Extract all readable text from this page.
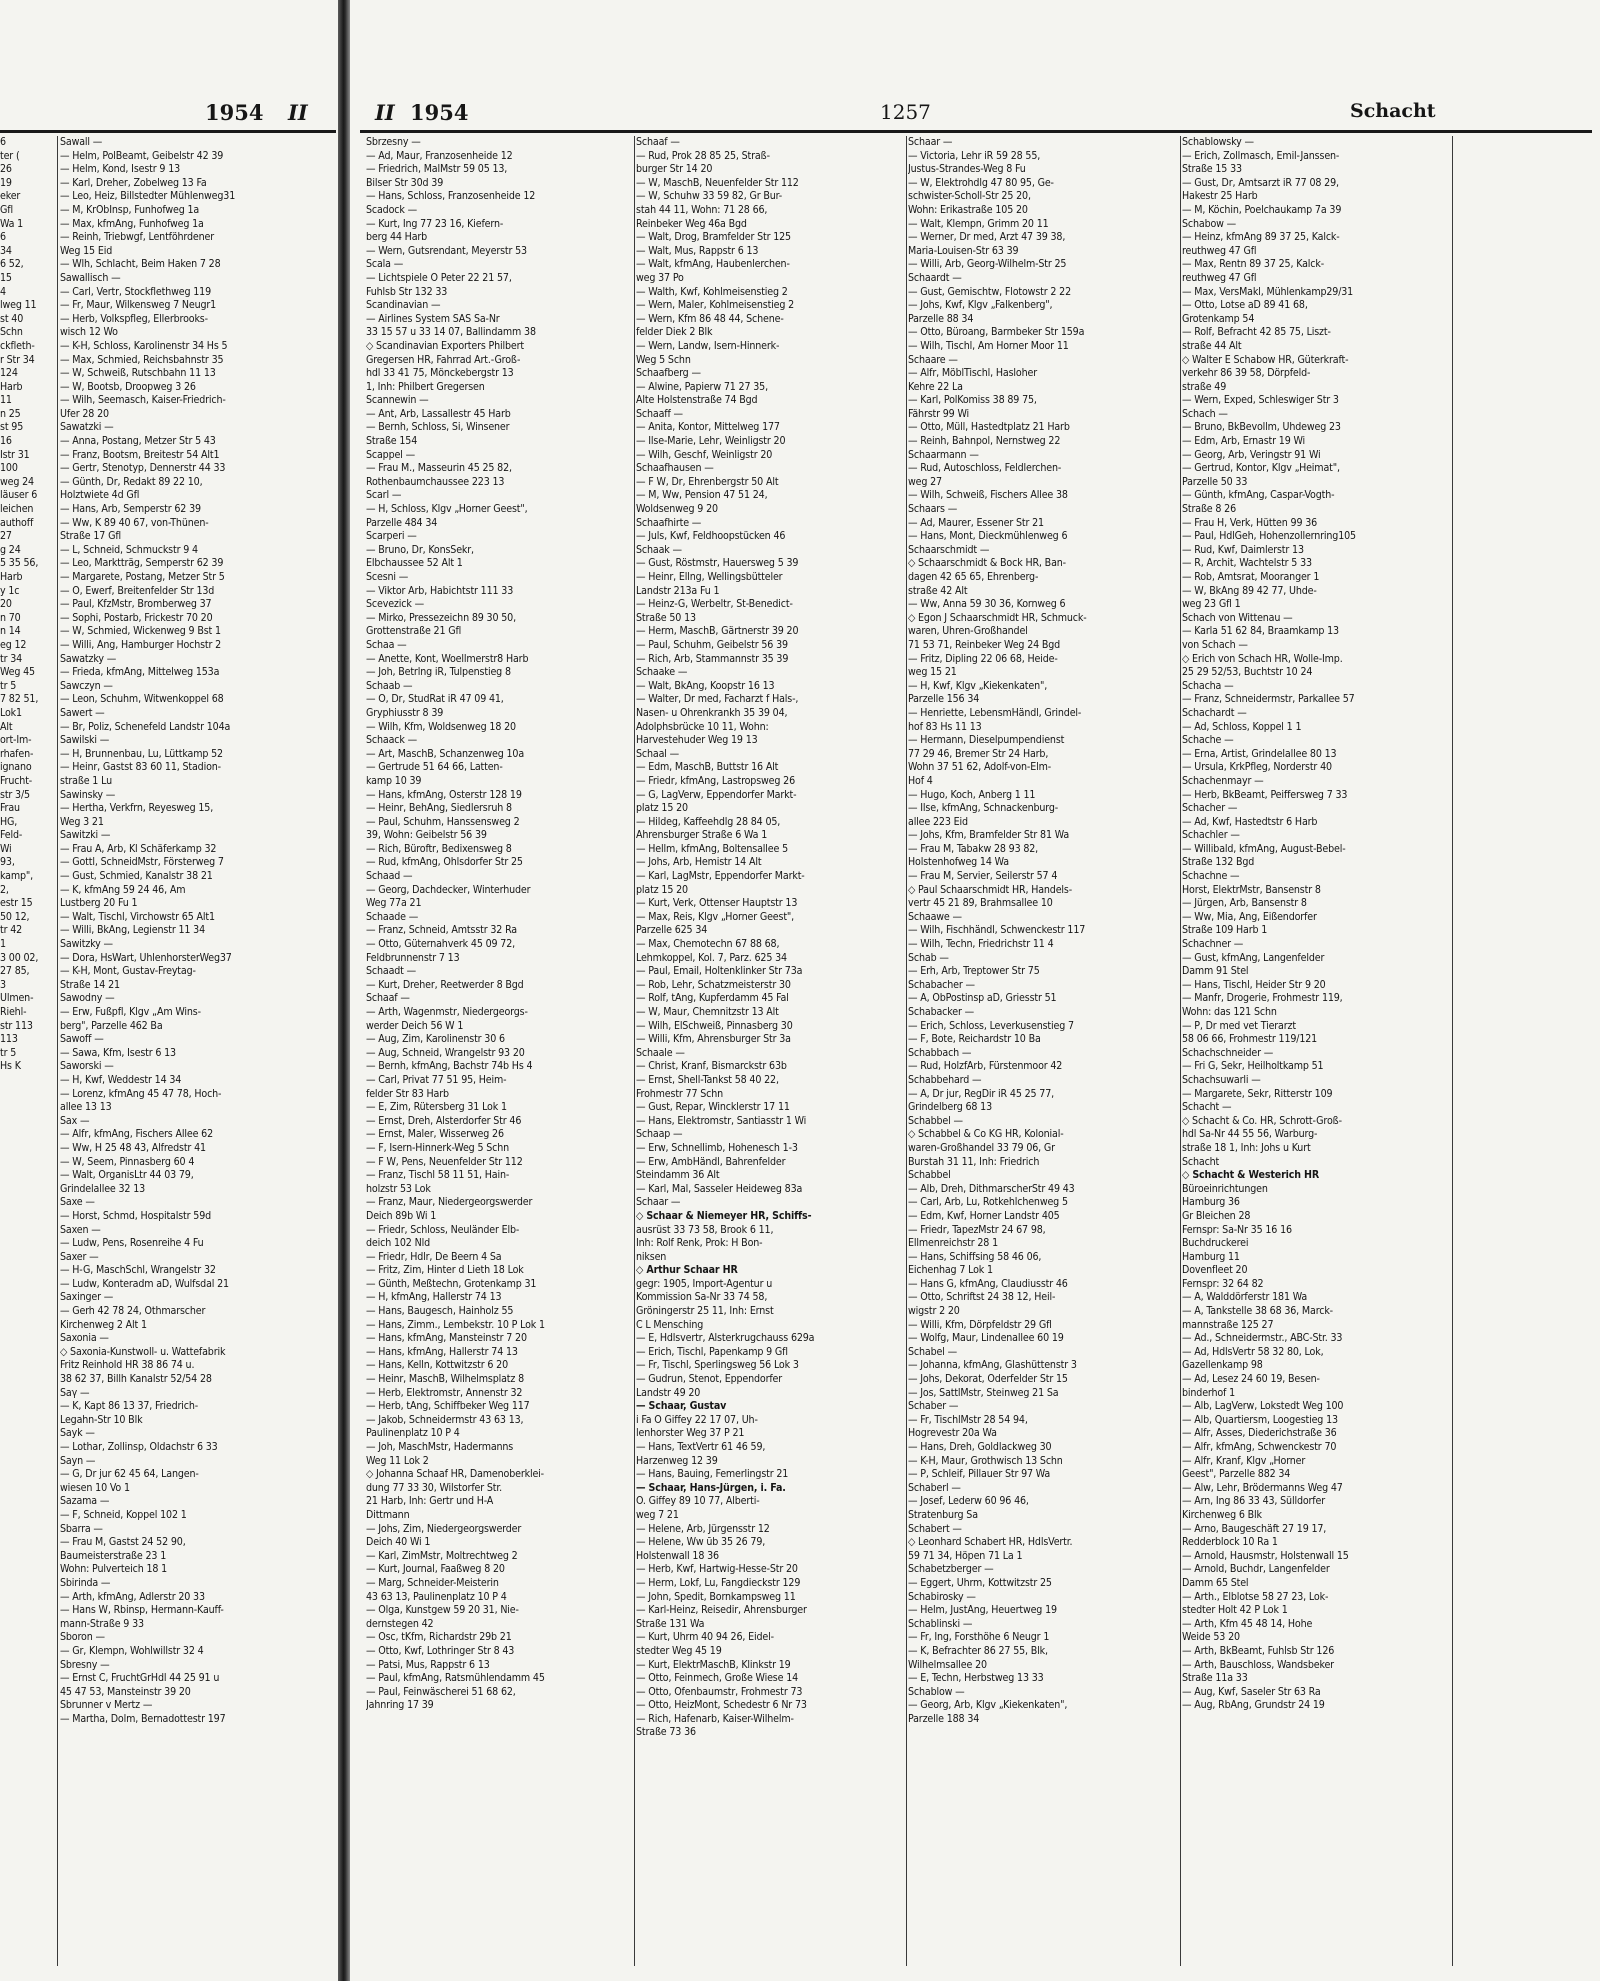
1954 II	II 1954	1257	Schacht
6
ter (
26
19
eker
Gfl
Wa 1
6
34
6 52,
15
4
lweg 11
st 40
Schn
ckfleth-
r Str 34
124
Harb
11
n 25
st 95
16
Istr 31
100
weg 24
läuser 6
leichen
authoff
27
g 24
5 35 56,
Harb
y 1c
20
n 70
n 14
eg 12
tr 34
Weg 45
tr 5
7 82 51,
Lok1
Alt
ort-Im-
rhafen-
ignano
Frucht-
str 3/5
Frau
HG,
Feld-
Wi
93,
kamp",
2,
estr 15
50 12,
tr 42
1
3 00 02,
27 85,
3
Ulmen-
Riehl-
str 113
113
tr 5
Hs K
Sawall —
— Helm, PolBeamt, Geibelstr 42 39
— Helm, Kond, Isestr 9 13
— Karl, Dreher, Zobelweg 13 Fa
— Leo, Heiz, Billstedter Mühlenweg31
— M, KrObInsp, Funhofweg 1a
— Max, kfmAng, Funhofweg 1a
— Reinh, Triebwgf, Lentföhrdener
Weg 15 Eid
— Wlh, Schlacht, Beim Haken 7 28
Sawallisch —
— Carl, Vertr, Stockflethweg 119
— Fr, Maur, Wilkensweg 7 Neugr1
— Herb, Volkspfleg, Ellerbrooks-
wisch 12 Wo
— K-H, Schloss, Karolinenstr 34 Hs 5
— Max, Schmied, Reichsbahnstr 35
— W, Schweiß, Rutschbahn 11 13
— W, Bootsb, Droopweg 3 26
— Wilh, Seemasch, Kaiser-Friedrich-
Ufer 28 20
Sawatzki —
— Anna, Postang, Metzer Str 5 43
— Franz, Bootsm, Breitestr 54 Alt1
— Gertr, Stenotyp, Dennerstr 44 33
— Günth, Dr, Redakt 89 22 10,
Holztwiete 4d Gfl
— Hans, Arb, Semperstr 62 39
— Ww, K 89 40 67, von-Thünen-
Straße 17 Gfl
— L, Schneid, Schmuckstr 9 4
— Leo, Marktträg, Semperstr 62 39
— Margarete, Postang, Metzer Str 5
— O, Ewerf, Breitenfelder Str 13d
— Paul, KfzMstr, Bromberweg 37
— Sophi, Postarb, Frickestr 70 20
— W, Schmied, Wickenweg 9 Bst 1
— Willi, Ang, Hamburger Hochstr 2
Sawatzky —
— Frieda, kfmAng, Mittelweg 153a
Sawczyn —
— Leon, Schuhm, Witwenkoppel 68
Sawert —
— Br, Poliz, Schenefeld Landstr 104a
Sawilski —
— H, Brunnenbau, Lu, Lüttkamp 52
— Heinr, Gastst 83 60 11, Stadion-
straße 1 Lu
Sawinsky —
— Hertha, Verkfrn, Reyesweg 15,
Weg 3 21
Sawitzki —
— Frau A, Arb, Kl Schäferkamp 32
— Gottl, SchneidMstr, Försterweg 7
— Gust, Schmied, Kanalstr 38 21
— K, kfmAng 59 24 46, Am
Lustberg 20 Fu 1
— Walt, Tischl, Virchowstr 65 Alt1
— Willi, BkAng, Legienstr 11 34
Sawitzky —
— Dora, HsWart, UhlenhorsterWeg37
— K-H, Mont, Gustav-Freytag-
Straße 14 21
Sawodny —
— Erw, Fußpfl, Klgv „Am Wins-
berg", Parzelle 462 Ba
Sawoff —
— Sawa, Kfm, Isestr 6 13
Saworski —
— H, Kwf, Weddestr 14 34
— Lorenz, kfmAng 45 47 78, Hoch-
allee 13 13
Sax —
— Alfr, kfmAng, Fischers Allee 62
— Ww, H 25 48 43, Alfredstr 41
— W, Seem, Pinnasberg 60 4
— Walt, OrganisLtr 44 03 79,
Grindelallee 32 13
Saxe —
— Horst, Schmd, Hospitalstr 59d
Saxen —
— Ludw, Pens, Rosenreihe 4 Fu
Saxer —
— H-G, MaschSchl, Wrangelstr 32
— Ludw, Konteradm aD, Wulfsdal 21
Saxinger —
— Gerh 42 78 24, Othmarscher
Kirchenweg 2 Alt 1
Saxonia —
◇ Saxonia-Kunstwoll- u. Wattefabrik
Fritz Reinhold HR 38 86 74 u.
38 62 37, Billh Kanalstr 52/54 28
Saγ —
— K, Kapt 86 13 37, Friedrich-
Legahn-Str 10 Blk
Sayk —
— Lothar, Zollinsp, Oldachstr 6 33
Sayn —
— G, Dr jur 62 45 64, Langen-
wiesen 10 Vo 1
Sazama —
— F, Schneid, Koppel 102 1
Sbarra —
— Frau M, Gastst 24 52 90,
Baumeisterstraße 23 1
Wohn: Pulverteich 18 1
Sbirinda —
— Arth, kfmAng, Adlerstr 20 33
— Hans W, Rbinsp, Hermann-Kauff-
mann-Straße 9 33
Sboron —
— Gr, Klempn, Wohlwillstr 32 4
Sbresny —
— Ernst C, FruchtGrHdl 44 25 91 u
45 47 53, Mansteinstr 39 20
Sbrunner v Mertz —
— Martha, Dolm, Bernadottestr 197
Sbrzesny —
— Ad, Maur, Franzosenheide 12
— Friedrich, MalMstr 59 05 13,
Bilser Str 30d 39
— Hans, Schloss, Franzosenheide 12
Scadock —
— Kurt, Ing 77 23 16, Kiefern-
berg 44 Harb
— Wern, Gutsrendant, Meyerstr 53
Scala —
— Lichtspiele O Peter 22 21 57,
Fuhlsb Str 132 33
Scandinavian —
— Airlines System SAS Sa-Nr
33 15 57 u 33 14 07, Ballindamm 38
◇ Scandinavian Exporters Philbert
Gregersen HR, Fahrrad Art.-Groß-
hdl 33 41 75, Mönckebergstr 13
1, Inh: Philbert Gregersen
Scannewin —
— Ant, Arb, Lassallestr 45 Harb
— Bernh, Schloss, Si, Winsener
Straße 154
Scappel —
— Frau M., Masseurin 45 25 82,
Rothenbaumchaussee 223 13
Scarl —
— H, Schloss, Klgv „Horner Geest",
Parzelle 484 34
Scarperi —
— Bruno, Dr, KonsSekr,
Elbchaussee 52 Alt 1
Scesni —
— Viktor Arb, Habichtstr 111 33
Scevezick —
— Mirko, Pressezeichn 89 30 50,
Grottenstraße 21 Gfl
Schaa —
— Anette, Kont, Woellmerstr8 Harb
— Joh, Betrlng iR, Tulpenstieg 8
Schaab —
— O, Dr, StudRat iR 47 09 41,
Gryphiusstr 8 39
— Wilh, Kfm, Woldsenweg 18 20
Schaack —
— Art, MaschB, Schanzenweg 10a
— Gertrude 51 64 66, Latten-
kamp 10 39
— Hans, kfmAng, Osterstr 128 19
— Heinr, BehAng, Siedlersruh 8
— Paul, Schuhm, Hanssensweg 2
39, Wohn: Geibelstr 56 39
— Rich, Büroftr, Bedixensweg 8
— Rud, kfmAng, Ohlsdorfer Str 25
Schaad —
— Georg, Dachdecker, Winterhuder
Weg 77a 21
Schaade —
— Franz, Schneid, Amtsstr 32 Ra
— Otto, Güternahverk 45 09 72,
Feldbrunnenstr 7 13
Schaadt —
— Kurt, Dreher, Reetwerder 8 Bgd
Schaaf —
— Arth, Wagenmstr, Niedergeorgs-
werder Deich 56 W 1
— Aug, Zim, Karolinenstr 30 6
— Aug, Schneid, Wrangelstr 93 20
— Bernh, kfmAng, Bachstr 74b Hs 4
— Carl, Privat 77 51 95, Heim-
felder Str 83 Harb
— E, Zim, Rütersberg 31 Lok 1
— Ernst, Dreh, Alsterdorfer Str 46
— Ernst, Maler, Wisserweg 26
— F, Isern-Hinnerk-Weg 5 Schn
— F W, Pens, Neuenfelder Str 112
— Franz, Tischl 58 11 51, Hain-
holzstr 53 Lok
— Franz, Maur, Niedergeorgswerder
Deich 89b Wi 1
— Friedr, Schloss, Neuländer Elb-
deich 102 Nld
— Friedr, Hdlr, De Beern 4 Sa
— Fritz, Zim, Hinter d Lieth 18 Lok
— Günth, Meßtechn, Grotenkamp 31
— H, kfmAng, Hallerstr 74 13
— Hans, Baugesch, Hainholz 55
— Hans, Zimm., Lembekstr. 10 P Lok 1
— Hans, kfmAng, Mansteinstr 7 20
— Hans, kfmAng, Hallerstr 74 13
— Hans, Kelln, Kottwitzstr 6 20
— Heinr, MaschB, Wilhelmsplatz 8
— Herb, Elektromstr, Annenstr 32
— Herb, tAng, Schiffbeker Weg 117
— Jakob, Schneidermstr 43 63 13,
Paulinenplatz 10 P 4
— Joh, MaschMstr, Hadermanns
Weg 11 Lok 2
◇ Johanna Schaaf HR, Damenoberklei-
dung 77 33 30, Wilstorfer Str.
21 Harb, Inh: Gertr und H-A
Dittmann
— Johs, Zim, Niedergeorgswerder
Deich 40 Wi 1
— Karl, ZimMstr, Moltrechtweg 2
— Kurt, Journal, Faaßweg 8 20
— Marg, Schneider-Meisterin
43 63 13, Paulinenplatz 10 P 4
— Olga, Kunstgew 59 20 31, Nie-
dernstegen 42
— Osc, tKfm, Richardstr 29b 21
— Otto, Kwf, Lothringer Str 8 43
— Patsi, Mus, Rappstr 6 13
— Paul, kfmAng, Ratsmühlendamm 45
— Paul, Feinwäscherei 51 68 62,
Jahnring 17 39
Schaaf —
— Rud, Prok 28 85 25, Straß-
burger Str 14 20
— W, MaschB, Neuenfelder Str 112
— W, Schuhw 33 59 82, Gr Bur-
stah 44 11, Wohn: 71 28 66,
Reinbeker Weg 46a Bgd
— Walt, Drog, Bramfelder Str 125
— Walt, Mus, Rappstr 6 13
— Walt, kfmAng, Haubenlerchen-
weg 37 Po
— Walth, Kwf, Kohlmeisenstieg 2
— Wern, Maler, Kohlmeisenstieg 2
— Wern, Kfm 86 48 44, Schene-
felder Diek 2 Blk
— Wern, Landw, Isern-Hinnerk-
Weg 5 Schn
Schaafberg —
— Alwine, Papierw 71 27 35,
Alte Holstenstraße 74 Bgd
Schaaff —
— Anita, Kontor, Mittelweg 177
— Ilse-Marie, Lehr, Weinligstr 20
— Wilh, Geschf, Weinligstr 20
Schaafhausen —
— F W, Dr, Ehrenbergstr 50 Alt
— M, Ww, Pension 47 51 24,
Woldsenweg 9 20
Schaafhirte —
— Juls, Kwf, Feldhoopstücken 46
Schaak —
— Gust, Röstmstr, Hauersweg 5 39
— Heinr, Ellng, Wellingsbütteler
Landstr 213a Fu 1
— Heinz-G, Werbeltr, St-Benedict-
Straße 50 13
— Herm, MaschB, Gärtnerstr 39 20
— Paul, Schuhm, Geibelstr 56 39
— Rich, Arb, Stammannstr 35 39
Schaake —
— Walt, BkAng, Koopstr 16 13
— Walter, Dr med, Facharzt f Hals-,
Nasen- u Ohrenkrankh 35 39 04,
Adolphsbrücke 10 11, Wohn:
Harvestehuder Weg 19 13
Schaal —
— Edm, MaschB, Buttstr 16 Alt
— Friedr, kfmAng, Lastropsweg 26
— G, LagVerw, Eppendorfer Markt-
platz 15 20
— Hildeg, Kaffeehdlg 28 84 05,
Ahrensburger Straße 6 Wa 1
— Hellm, kfmAng, Boltensallee 5
— Johs, Arb, Hemistr 14 Alt
— Karl, LagMstr, Eppendorfer Markt-
platz 15 20
— Kurt, Verk, Ottenser Hauptstr 13
— Max, Reis, Klgv „Horner Geest",
Parzelle 625 34
— Max, Chemotechn 67 88 68,
Lehmkoppel, Kol. 7, Parz. 625 34
— Paul, Email, Holtenklinker Str 73a
— Rob, Lehr, Schatzmeisterstr 30
— Rolf, tAng, Kupferdamm 45 Fal
— W, Maur, Chemnitzstr 13 Alt
— Wilh, ElSchweiß, Pinnasberg 30
— Willi, Kfm, Ahrensburger Str 3a
Schaale —
— Christ, Kranf, Bismarckstr 63b
— Ernst, Shell-Tankst 58 40 22,
Frohmestr 77 Schn
— Gust, Repar, Wincklerstr 17 11
— Hans, Elektromstr, Santiasstr 1 Wi
Schaap —
— Erw, Schnellimb, Hohenesch 1-3
— Erw, AmbHändl, Bahrenfelder
Steindamm 36 Alt
— Karl, Mal, Sasseler Heideweg 83a
Schaar —
◇ Schaar & Niemeyer HR, Schiffs-
ausrüst 33 73 58, Brook 6 11,
Inh: Rolf Renk, Prok: H Bon-
niksen
◇ Arthur Schaar HR
gegr: 1905, Import-Agentur u
Kommission Sa-Nr 33 74 58,
Gröningerstr 25 11, Inh: Ernst
C L Mensching
— E, Hdlsvertr, Alsterkrugchauss 629a
— Erich, Tischl, Papenkamp 9 Gfl
— Fr, Tischl, Sperlingsweg 56 Lok 3
— Gudrun, Stenot, Eppendorfer
Landstr 49 20
— Schaar, Gustav
i Fa O Giffey 22 17 07, Uh-
lenhorster Weg 37 P 21
— Hans, TextVertr 61 46 59,
Harzenweg 12 39
— Hans, Bauing, Femerlingstr 21
— Schaar, Hans-Jürgen, i. Fa.
O. Giffey 89 10 77, Alberti-
weg 7 21
— Helene, Arb, Jürgensstr 12
— Helene, Ww ūb 35 26 79,
Holstenwall 18 36
— Herb, Kwf, Hartwig-Hesse-Str 20
— Herm, Lokf, Lu, Fangdieckstr 129
— John, Spedit, Bornkampsweg 11
— Karl-Heinz, Reisedir, Ahrensburger
Straße 131 Wa
— Kurt, Uhrm 40 94 26, Eidel-
stedter Weg 45 19
— Kurt, ElektrMaschB, Klinkstr 19
— Otto, Feinmech, Große Wiese 14
— Otto, Ofenbaumstr, Frohmestr 73
— Otto, HeizMont, Schedestr 6 Nr 73
— Rich, Hafenarb, Kaiser-Wilhelm-
Straße 73 36
Schaar —
— Victoria, Lehr iR 59 28 55,
Justus-Strandes-Weg 8 Fu
— W, Elektrohdlg 47 80 95, Ge-
schwister-Scholl-Str 25 20,
Wohn: Erikastraße 105 20
— Walt, Klempn, Grimm 20 11
— Werner, Dr med, Arzt 47 39 38,
Maria-Louisen-Str 63 39
— Willi, Arb, Georg-Wilhelm-Str 25
Schaardt —
— Gust, Gemischtw, Flotowstr 2 22
— Johs, Kwf, Klgv „Falkenberg",
Parzelle 88 34
— Otto, Büroang, Barmbeker Str 159a
— Wilh, Tischl, Am Horner Moor 11
Schaare —
— Alfr, MöblTischl, Hasloher
Kehre 22 La
— Karl, PolKomiss 38 89 75,
Fährstr 99 Wi
— Otto, Müll, Hastedtplatz 21 Harb
— Reinh, Bahnpol, Nernstweg 22
Schaarmann —
— Rud, Autoschloss, Feldlerchen-
weg 27
— Wilh, Schweiß, Fischers Allee 38
Schaars —
— Ad, Maurer, Essener Str 21
— Hans, Mont, Dieckmühlenweg 6
Schaarschmidt —
◇ Schaarschmidt & Bock HR, Ban-
dagen 42 65 65, Ehrenberg-
straße 42 Alt
— Ww, Anna 59 30 36, Kornweg 6
◇ Egon J Schaarschmidt HR, Schmuck-
waren, Uhren-Großhandel
71 53 71, Reinbeker Weg 24 Bgd
— Fritz, Dipling 22 06 68, Heide-
weg 15 21
— H, Kwf, Klgv „Kiekenkaten",
Parzelle 156 34
— Henriette, LebensmHändl, Grindel-
hof 83 Hs 11 13
— Hermann, Dieselpumpendienst
77 29 46, Bremer Str 24 Harb,
Wohn 37 51 62, Adolf-von-Elm-
Hof 4
— Hugo, Koch, Anberg 1 11
— Ilse, kfmAng, Schnackenburg-
allee 223 Eid
— Johs, Kfm, Bramfelder Str 81 Wa
— Frau M, Tabakw 28 93 82,
Holstenhofweg 14 Wa
— Frau M, Servier, Seilerstr 57 4
◇ Paul Schaarschmidt HR, Handels-
vertr 45 21 89, Brahmsallee 10
Schaawe —
— Wilh, Fischhändl, Schwenckestr 117
— Wilh, Techn, Friedrichstr 11 4
Schab —
— Erh, Arb, Treptower Str 75
Schabacher —
— A, ObPostinsp aD, Griesstr 51
Schabacker —
— Erich, Schloss, Leverkusenstieg 7
— F, Bote, Reichardstr 10 Ba
Schabbach —
— Rud, HolzfArb, Fürstenmoor 42
Schabbehard —
— A, Dr jur, RegDir iR 45 25 77,
Grindelberg 68 13
Schabbel —
◇ Schabbel & Co KG HR, Kolonial-
waren-Großhandel 33 79 06, Gr
Burstah 31 11, Inh: Friedrich
Schabbel
— Alb, Dreh, DithmarscherStr 49 43
— Carl, Arb, Lu, Rotkehlchenweg 5
— Edm, Kwf, Horner Landstr 405
— Friedr, TapezMstr 24 67 98,
Ellmenreichstr 28 1
— Hans, Schiffsing 58 46 06,
Eichenhag 7 Lok 1
— Hans G, kfmAng, Claudiusstr 46
— Otto, Schriftst 24 38 12, Heil-
wigstr 2 20
— Willi, Kfm, Dörpfeldstr 29 Gfl
— Wolfg, Maur, Lindenallee 60 19
Schabel —
— Johanna, kfmAng, Glashüttenstr 3
— Johs, Dekorat, Oderfelder Str 15
— Jos, SattlMstr, Steinweg 21 Sa
Schaber —
— Fr, TischlMstr 28 54 94,
Hogrevestr 20a Wa
— Hans, Dreh, Goldlackweg 30
— K-H, Maur, Grothwisch 13 Schn
— P, Schleif, Pillauer Str 97 Wa
Schaberl —
— Josef, Lederw 60 96 46,
Stratenburg Sa
Schabert —
◇ Leonhard Schabert HR, HdlsVertr.
59 71 34, Höpen 71 La 1
Schabetzberger —
— Eggert, Uhrm, Kottwitzstr 25
Schabirosky —
— Helm, JustAng, Heuertweg 19
Schablinski —
— Fr, Ing, Forsthöhe 6 Neugr 1
— K, Befrachter 86 27 55, Blk,
Wilhelmsallee 20
— E, Techn, Herbstweg 13 33
Schablow —
— Georg, Arb, Klgv „Kiekenkaten",
Parzelle 188 34
Schablowsky —
— Erich, Zollmasch, Emil-Janssen-
Straße 15 33
— Gust, Dr, Amtsarzt iR 77 08 29,
Hakestr 25 Harb
— M, Köchin, Poelchaukamp 7a 39
Schabow —
— Heinz, kfmAng 89 37 25, Kalck-
reuthweg 47 Gfl
— Max, Rentn 89 37 25, Kalck-
reuthweg 47 Gfl
— Max, VersMakl, Mühlenkamp29/31
— Otto, Lotse aD 89 41 68,
Grotenkamp 54
— Rolf, Befracht 42 85 75, Liszt-
straße 44 Alt
◇ Walter E Schabow HR, Güterkraft-
verkehr 86 39 58, Dörpfeld-
straße 49
— Wern, Exped, Schleswiger Str 3
Schach —
— Bruno, BkBevollm, Uhdeweg 23
— Edm, Arb, Ernastr 19 Wi
— Georg, Arb, Veringstr 91 Wi
— Gertrud, Kontor, Klgv „Heimat",
Parzelle 50 33
— Günth, kfmAng, Caspar-Vogth-
Straße 8 26
— Frau H, Verk, Hütten 99 36
— Paul, HdlGeh, Hohenzollernring105
— Rud, Kwf, Daimlerstr 13
— R, Archit, Wachtelstr 5 33
— Rob, Amtsrat, Mooranger 1
— W, BkAng 89 42 77, Uhde-
weg 23 Gfl 1
Schach von Wittenau —
— Karla 51 62 84, Braamkamp 13
von Schach —
◇ Erich von Schach HR, Wolle-Imp.
25 29 52/53, Buchtstr 10 24
Schacha —
— Franz, Schneidermstr, Parkallee 57
Schachardt —
— Ad, Schloss, Koppel 1 1
Schache —
— Erna, Artist, Grindelallee 80 13
— Ursula, KrkPfleg, Norderstr 40
Schachenmayr —
— Herb, BkBeamt, Peiffersweg 7 33
Schacher —
— Ad, Kwf, Hastedtstr 6 Harb
Schachler —
— Willibald, kfmAng, August-Bebel-
Straße 132 Bgd
Schachne —
Horst, ElektrMstr, Bansenstr 8
— Jürgen, Arb, Bansenstr 8
— Ww, Mia, Ang, Eißendorfer
Straße 109 Harb 1
Schachner —
— Gust, kfmAng, Langenfelder
Damm 91 Stel
— Hans, Tischl, Heider Str 9 20
— Manfr, Drogerie, Frohmestr 119,
Wohn: das 121 Schn
— P, Dr med vet Tierarzt
58 06 66, Frohmestr 119/121
Schachschneider —
— Fri G, Sekr, Heilholtkamp 51
Schachsuwarli —
— Margarete, Sekr, Ritterstr 109
Schacht —
◇ Schacht & Co. HR, Schrott-Groß-
hdl Sa-Nr 44 55 56, Warburg-
straße 18 1, Inh: Johs u Kurt
Schacht
◇ Schacht & Westerich HR
Büroeinrichtungen
Hamburg 36
Gr Bleichen 28
Fernspr: Sa-Nr 35 16 16
Buchdruckerei
Hamburg 11
Dovenfleet 20
Fernspr: 32 64 82
— A, Walddörferstr 181 Wa
— A, Tankstelle 38 68 36, Marck-
mannstraße 125 27
— Ad., Schneidermstr., ABC-Str. 33
— Ad, HdlsVertr 58 32 80, Lok,
Gazellenkamp 98
— Ad, Lesez 24 60 19, Besen-
binderhof 1
— Alb, LagVerw, Lokstedt Weg 100
— Alb, Quartiersm, Loogestieg 13
— Alfr, Asses, Diederichstraße 36
— Alfr, kfmAng, Schwenckestr 70
— Alfr, Kranf, Klgv „Horner
Geest", Parzelle 882 34
— Alw, Lehr, Brödermanns Weg 47
— Arn, Ing 86 33 43, Sülldorfer
Kirchenweg 6 Blk
— Arno, Baugeschäft 27 19 17,
Redderblock 10 Ra 1
— Arnold, Hausmstr, Holstenwall 15
— Arnold, Buchdr, Langenfelder
Damm 65 Stel
— Arth., Elblotse 58 27 23, Lok-
stedter Holt 42 P Lok 1
— Arth, Kfm 45 48 14, Hohe
Weide 53 20
— Arth, BkBeamt, Fuhlsb Str 126
— Arth, Bauschloss, Wandsbeker
Straße 11a 33
— Aug, Kwf, Saseler Str 63 Ra
— Aug, RbAng, Grundstr 24 19
